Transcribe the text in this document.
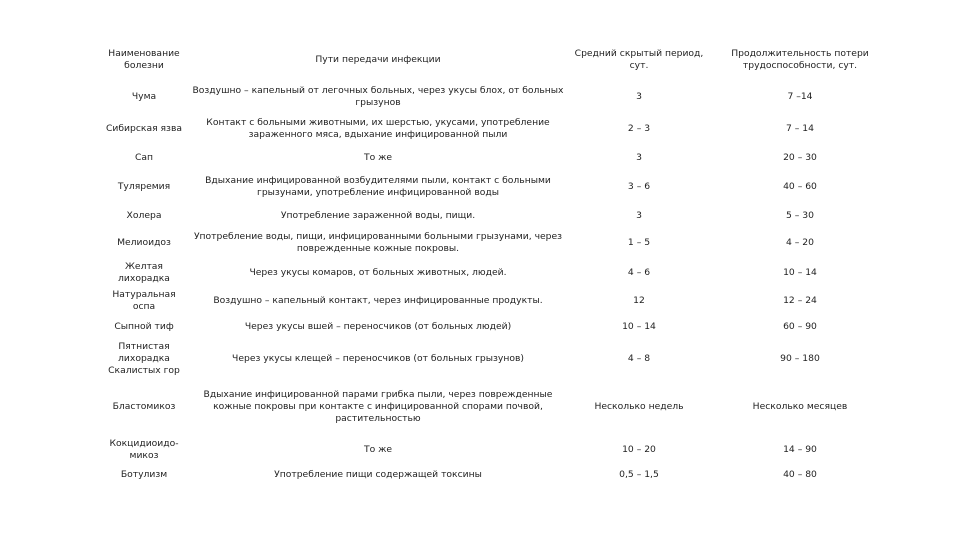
Наименование болезни	Пути передачи инфекции	Средний скрытый период, сут.	Продолжительность потери трудоспособности, сут.
Чума	Воздушно – капельный от легочных больных, через укусы блох, от больных грызунов	3	7 –14
Сибирская язва	Контакт с больными животными, их шерстью, укусами, употребление зараженного мяса, вдыхание инфицированной пыли	2 – 3	7 – 14
Сап	То же	3	20 – 30
Туляремия	Вдыхание инфицированной возбудителями пыли, контакт с больными грызунами, употребление инфицированной воды	3 – 6	40 – 60
Холера	Употребление зараженной воды, пищи.	3	5 – 30
Мелиоидоз	Употребление воды, пищи, инфицированными больными грызунами, через поврежденные кожные покровы.	1 – 5	4 – 20
Желтая лихорадка	Через укусы комаров, от больных животных, людей.	4 – 6	10 – 14
Натуральная оспа	Воздушно – капельный контакт, через инфицированные продукты.	12	12 – 24
Сыпной тиф	Через укусы вшей – переносчиков (от больных людей)	10 – 14	60 – 90
Пятнистая лихорадка Скалистых гор	Через укусы клещей – переносчиков (от больных грызунов)	4 – 8	90 – 180
Бластомикоз	Вдыхание инфицированной парами грибка пыли, через поврежденные кожные покровы при контакте с инфицированной спорами почвой, растительностью	Несколько недель	Несколько месяцев
Кокцидиоидо- микоз	То же	10 – 20	14 – 90
Ботулизм	Употребление пищи содержащей токсины	0,5 – 1,5	40 – 80
